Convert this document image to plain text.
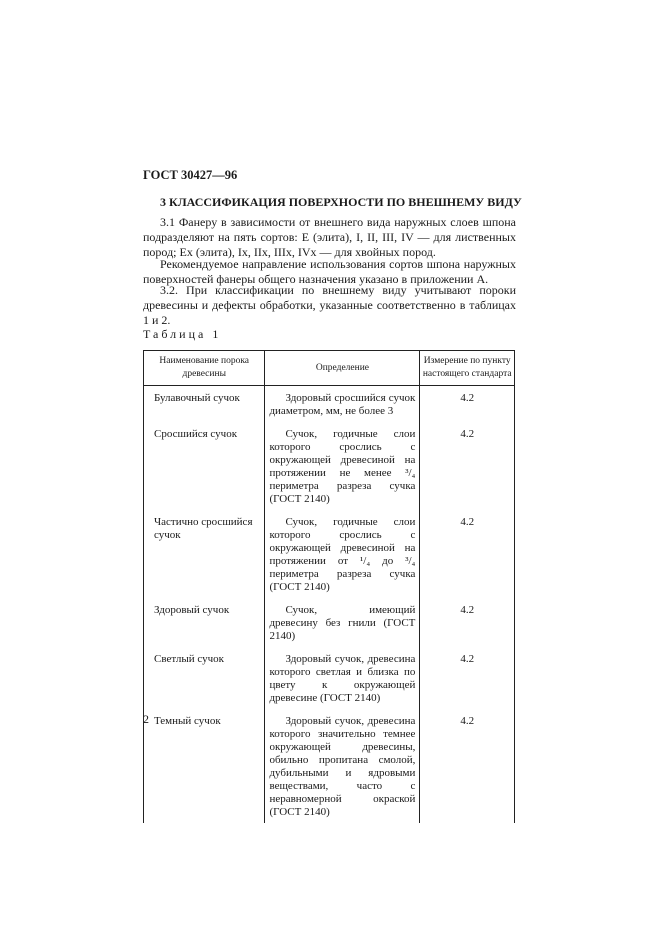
ГОСТ 30427—96
3 КЛАССИФИКАЦИЯ ПОВЕРХНОСТИ ПО ВНЕШНЕМУ ВИДУ
3.1 Фанеру в зависимости от внешнего вида наружных слоев шпона подразделяют на пять сортов: Е (элита), I, II, III, IV — для лиственных пород; Ех (элита), Iх, IIх, IIIх, IVх — для хвойных пород.
Рекомендуемое направление использования сортов шпона наружных поверхностей фанеры общего назначения указано в приложении А.
3.2. При классификации по внешнему виду учитывают пороки древесины и дефекты обработки, указанные соответственно в таблицах 1 и 2.
Таблица 1
Наименование порока древесины	Определение	Измерение по пункту настоящего стандарта
Булавочный сучок	Здоровый сросшийся сучок диаметром, мм, не более 3	4.2
Сросшийся сучок	Сучок, годичные слои которого срослись с окружающей древесиной на протяжении не менее ³/₄ периметра разреза сучка (ГОСТ 2140)	4.2
Частично сросшийся сучок	Сучок, годичные слои которого срослись с окружающей древесиной на протяжении от ¹/₄ до ³/₄ периметра разреза сучка (ГОСТ 2140)	4.2
Здоровый сучок	Сучок, имеющий древесину без гнили (ГОСТ 2140)	4.2
Светлый сучок	Здоровый сучок, древесина которого светлая и близка по цвету к окружающей древесине (ГОСТ 2140)	4.2
Темный сучок	Здоровый сучок, древесина которого значительно темнее окружающей древесины, обильно пропитана смолой, дубильными и ядровыми веществами, часто с неравномерной окраской (ГОСТ 2140)	4.2
2
